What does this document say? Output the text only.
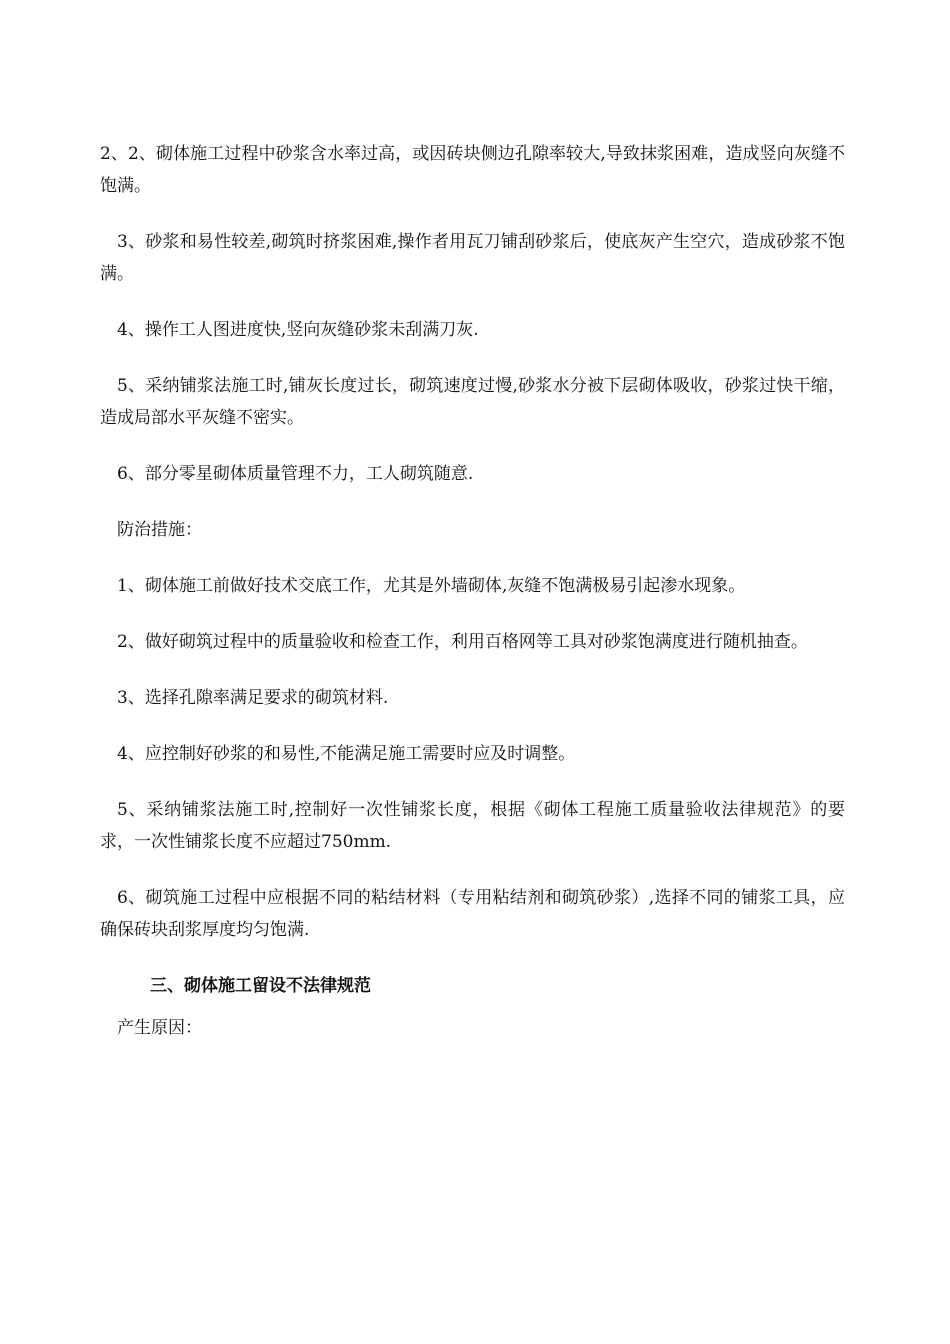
2、2、砌体施工过程中砂浆含水率过高，或因砖块侧边孔隙率较大,导致抹浆困难，造成竖向灰缝不饱满。

3、砂浆和易性较差,砌筑时挤浆困难,操作者用瓦刀铺刮砂浆后，使底灰产生空穴，造成砂浆不饱满。

4、操作工人图进度快,竖向灰缝砂浆未刮满刀灰.

5、采纳铺浆法施工时,铺灰长度过长，砌筑速度过慢,砂浆水分被下层砌体吸收，砂浆过快干缩，造成局部水平灰缝不密实。

6、部分零星砌体质量管理不力，工人砌筑随意.

防治措施：

1、砌体施工前做好技术交底工作，尤其是外墙砌体,灰缝不饱满极易引起渗水现象。

2、做好砌筑过程中的质量验收和检查工作，利用百格网等工具对砂浆饱满度进行随机抽查。

3、选择孔隙率满足要求的砌筑材料.

4、应控制好砂浆的和易性,不能满足施工需要时应及时调整。

5、采纳铺浆法施工时,控制好一次性铺浆长度，根据《砌体工程施工质量验收法律规范》的要求，一次性铺浆长度不应超过750mm.

6、砌筑施工过程中应根据不同的粘结材料（专用粘结剂和砌筑砂浆）,选择不同的铺浆工具，应确保砖块刮浆厚度均匀饱满.

三、砌体施工留设不法律规范

产生原因：
